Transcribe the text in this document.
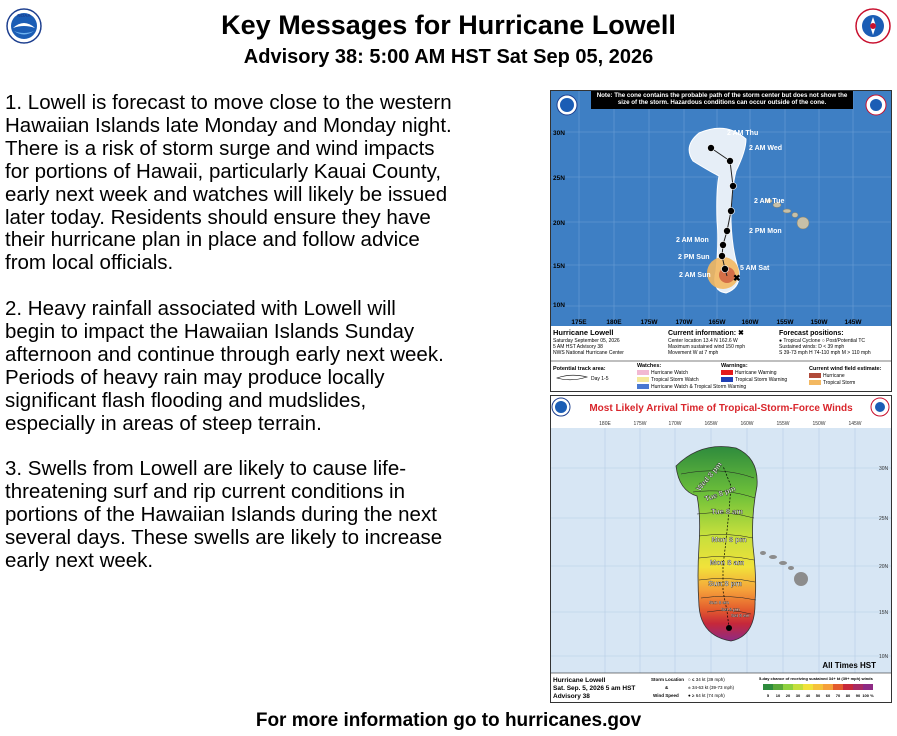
NOAA	Key Messages for Hurricane Lowell
Advisory 38: 5:00 AM HST Sat Sep 05, 2026

1. Lowell is forecast to move close to the western
Hawaiian Islands late Monday and Monday night.
There is a risk of storm surge and wind impacts
for portions of Hawaii, particularly Kauai County,
early next week and watches will likely be issued
later today. Residents should ensure they have
their hurricane plan in place and follow advice
from local officials.

2. Heavy rainfall associated with Lowell will
begin to impact the Hawaiian Islands Sunday
afternoon and continue through early next week.
Periods of heavy rain may produce locally
significant flash flooding and mudslides,
especially in areas of steep terrain.

3. Swells from Lowell are likely to cause life-
threatening surf and rip current conditions in
portions of the Hawaiian Islands during the next
several days. These swells are likely to increase
early next week.

Note: The cone contains the probable path of the storm center but does not show the size of the storm. Hazardous conditions can occur outside of the cone.
✖
2 AM Thu
2 AM Wed
2 AM Tue
2 PM Mon
2 AM Mon
2 PM Sun
5 AM Sat
2 AM Sun
30N
25N
20N
15N
10N
175E	180E	175W	170W 165W 160W	155W	150W	145W
Hurricane Lowell
Saturday September 05, 2026
5 AM HST Advisory 38
NWS National Hurricane Center
Current information: ✖
Center location 13.4 N 162.6 W
Maximum sustained wind 150 mph
Movement W at 7 mph
Forecast positions:
● Tropical Cyclone ○ Post/Potential TC
Sustained winds: D < 39 mph
S 39-73 mph H 74-110 mph M > 110 mph
Potential track area:
Day 1-5
Watches:
Hurricane Watch
Tropical Storm Watch
Hurricane Watch & Tropical Storm Warning
Warnings:
Hurricane Warning
Tropical Storm Warning
Current wind field estimate:
Hurricane
Tropical Storm
Most Likely Arrival Time of Tropical-Storm-Force Winds
180E	175W	170W	165W	160W	155W	150W	145W
30N
25N
20N
15N
10N
Wed 8 pm
Tue 8 pm
Tue 8 am
Mon 8 pm
Mon 8 am
Sun 8 pm
Sun 8 am
Sat 8 pm
Sat 8 am
All Times HST
Hurricane Lowell
Sat. Sep. 5, 2026 5 am HST
Advisory 38
Storm Location
&
Wind Speed
○ ≤ 34 kt (39 mph)
๏ 34-63 kt (39-73 mph)
● ≥ 64 kt (74 mph)
5-day chance of receiving sustained 34+ kt (39+ mph) winds
5 10 20 30 40 50 60 70 80 90 100 %
For more information go to hurricanes.gov
